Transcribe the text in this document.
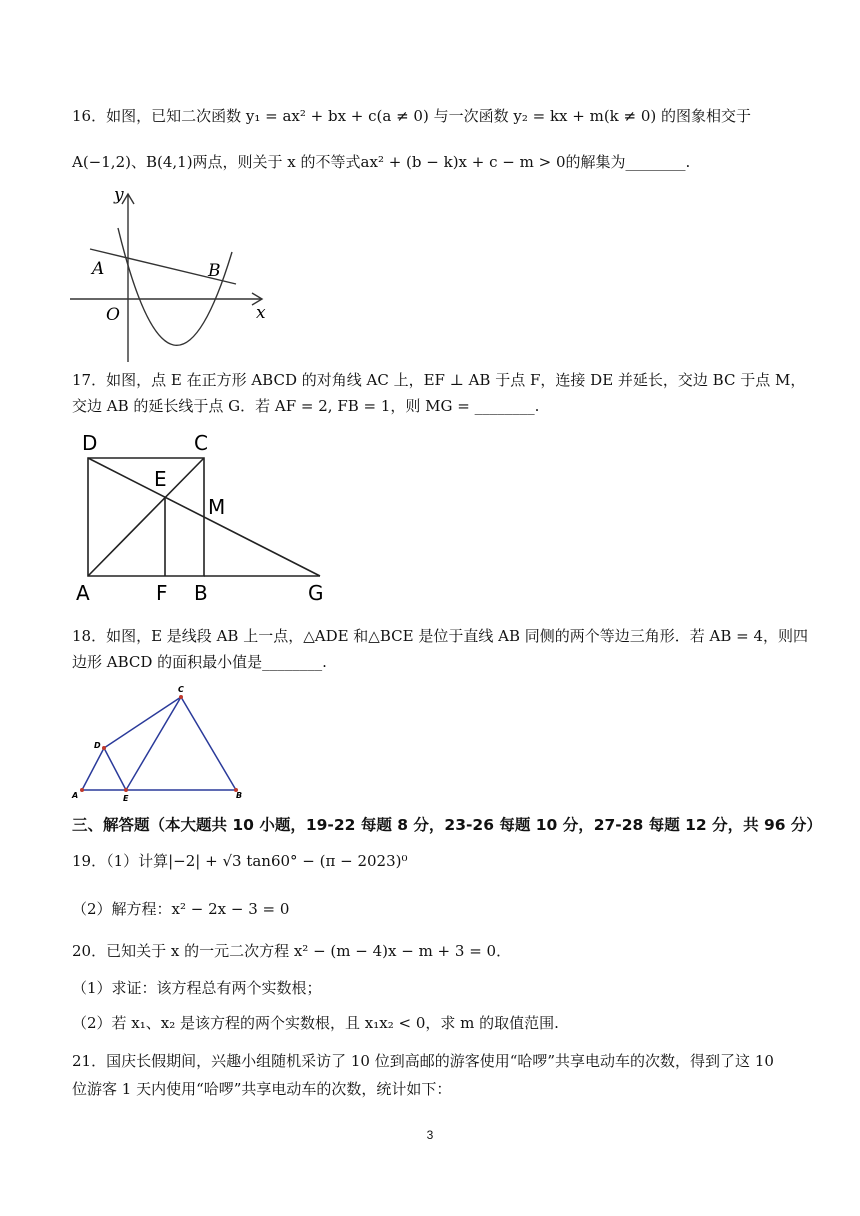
16．如图，已知二次函数 y₁ = ax² + bx + c(a ≠ 0) 与一次函数 y₂ = kx + m(k ≠ 0) 的图象相交于
A(−1,2)、B(4,1)两点，则关于 x 的不等式ax² + (b − k)x + c − m > 0的解集为________.
y
x
A	B
O
17．如图，点 E 在正方形 ABCD 的对角线 AC 上，EF ⊥ AB 于点 F，连接 DE 并延长，交边 BC 于点 M，
交边 AB 的延长线于点 G．若 AF = 2, FB = 1，则 MG = ________.
D	C
E
M
A	F B	G
18．如图，E 是线段 AB 上一点，△ADE 和△BCE 是位于直线 AB 同侧的两个等边三角形．若 AB = 4，则四
边形 ABCD 的面积最小值是________.
C
D
A	E	B
三、解答题（本大题共 10 小题，19-22 每题 8 分，23-26 每题 10 分，27-28 每题 12 分，共 96 分）
19．（1）计算|−2| + √3 tan60° − (π − 2023)⁰
（2）解方程：x² − 2x − 3 = 0
20．已知关于 x 的一元二次方程 x² − (m − 4)x − m + 3 = 0．
（1）求证：该方程总有两个实数根；
（2）若 x₁、x₂ 是该方程的两个实数根，且 x₁x₂ < 0，求 m 的取值范围.
21．国庆长假期间，兴趣小组随机采访了 10 位到高邮的游客使用“哈啰”共享电动车的次数，得到了这 10
位游客 1 天内使用“哈啰”共享电动车的次数，统计如下：
3
